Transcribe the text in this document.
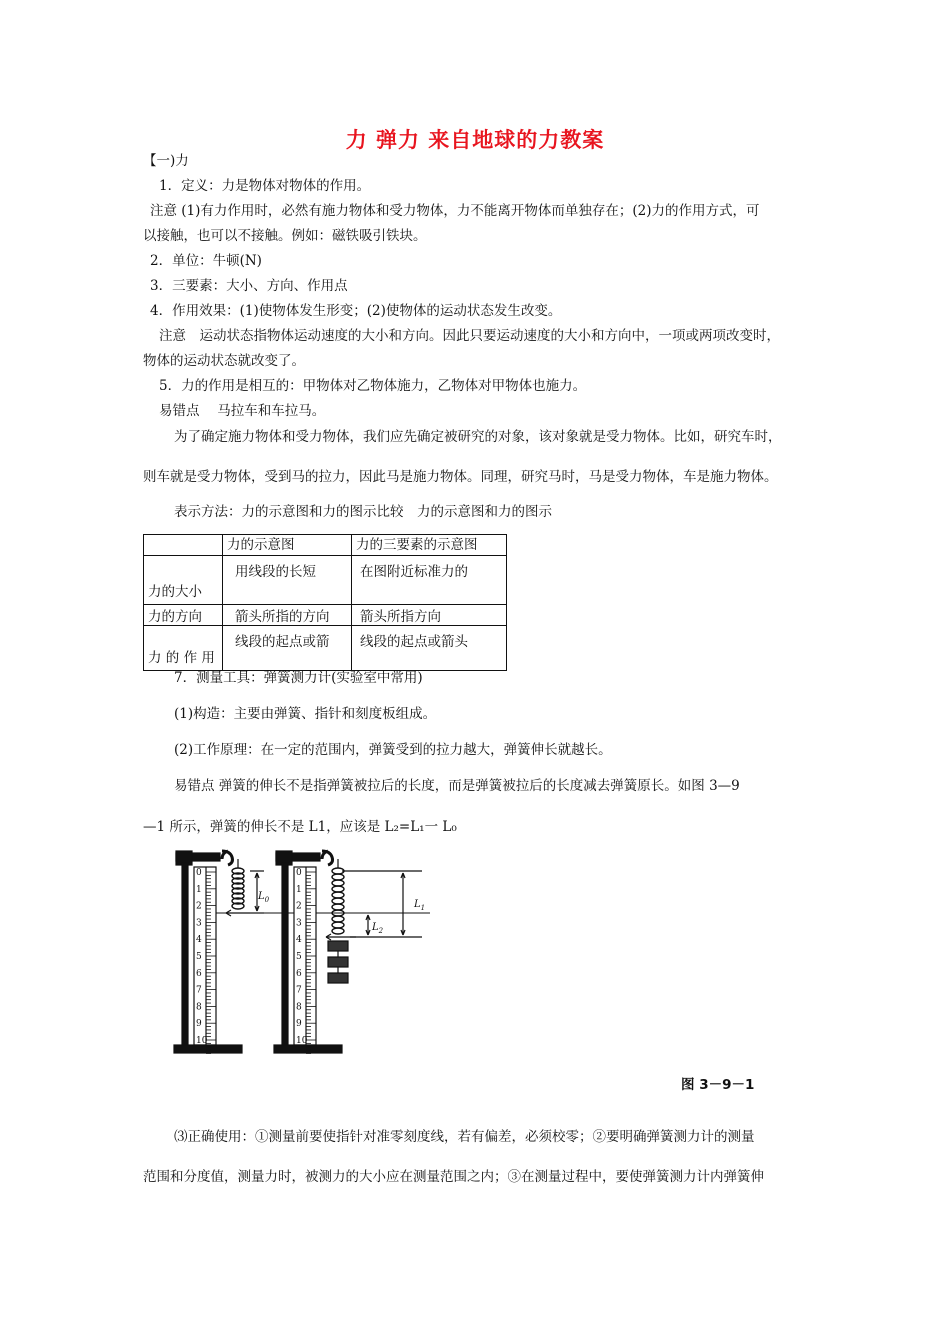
力 弹力 来自地球的力教案
【一)力
1．定义：力是物体对物体的作用。
注意 (1)有力作用时，必然有施力物体和受力物体，力不能离开物体而单独存在；(2)力的作用方式，可
以接触，也可以不接触。例如：磁铁吸引铁块。
2．单位：牛顿(N)
3．三要素：大小、方向、作用点
4．作用效果：(1)使物体发生形变；(2)使物体的运动状态发生改变。
注意　运动状态指物体运动速度的大小和方向。因此只要运动速度的大小和方向中，一项或两项改变时，
物体的运动状态就改变了。
5．力的作用是相互的：甲物体对乙物体施力，乙物体对甲物体也施力。
易错点　 马拉车和车拉马。
为了确定施力物体和受力物体，我们应先确定被研究的对象，该对象就是受力物体。比如，研究车时，
则车就是受力物体，受到马的拉力，因此马是施力物体。同理，研究马时，马是受力物体，车是施力物体。
表示方法：力的示意图和力的图示比较　力的示意图和力的图示
	力的示意图	力的三要素的示意图
力的大小	用线段的长短	在图附近标准力的
力的方向	箭头所指的方向	箭头所指方向
力 的 作 用	线段的起点或箭	线段的起点或箭头
7．测量工具：弹簧测力计(实验室中常用)
(1)构造：主要由弹簧、指针和刻度板组成。
(2)工作原理：在一定的范围内，弹簧受到的拉力越大，弹簧伸长就越长。
易错点 弹簧的伸长不是指弹簧被拉后的长度，而是弹簧被拉后的长度减去弹簧原长。如图 3—9
—1 所示，弹簧的伸长不是 L1，应该是 L₂=L₁一 L₀
0
1
2
3
4
5
6
7
8
9
10
0
1
2
3
4
5
6
7
8
9
10
$L_0$	$L_1$
$L_2$
图 3－9－1
⑶正确使用：①测量前要使指针对准零刻度线，若有偏差，必须校零；②要明确弹簧测力计的测量
范围和分度值，测量力时，被测力的大小应在测量范围之内；③在测量过程中，要使弹簧测力计内弹簧伸
